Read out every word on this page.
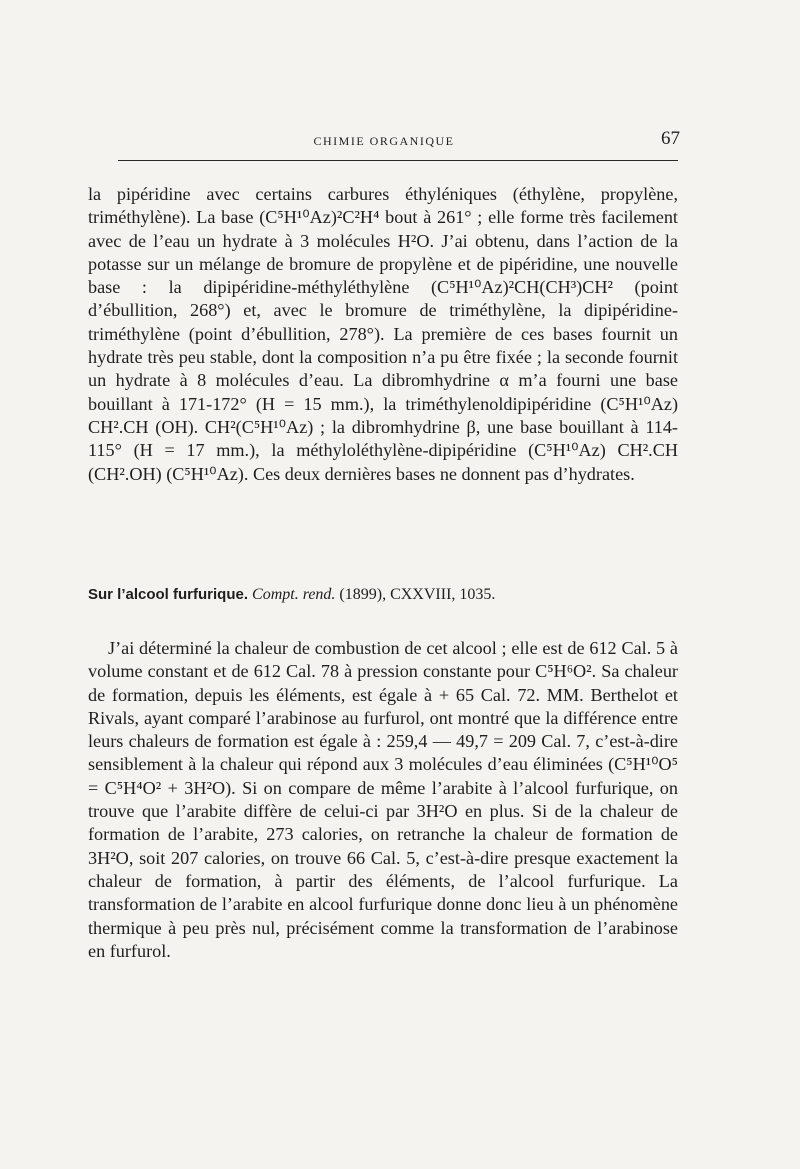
CHIMIE ORGANIQUE	67

la pipéridine avec certains carbures éthyléniques (éthylène, propylène, triméthylène). La base (C⁵H¹⁰Az)²C²H⁴ bout à 261° ; elle forme très facilement avec de l’eau un hydrate à 3 molécules H²O. J’ai obtenu, dans l’action de la potasse sur un mélange de bromure de propylène et de pipéridine, une nouvelle base : la dipipéridine-méthyléthylène (C⁵H¹⁰Az)²CH(CH³)CH² (point d’ébullition, 268°) et, avec le bromure de triméthylène, la dipipéridine-triméthylène (point d’ébullition, 278°). La première de ces bases fournit un hydrate très peu stable, dont la composition n’a pu être fixée ; la seconde fournit un hydrate à 8 molécules d’eau. La dibromhydrine α m’a fourni une base bouillant à 171-172° (H = 15 mm.), la triméthylenoldipipéridine (C⁵H¹⁰Az) CH².CH (OH). CH²(C⁵H¹⁰Az) ; la dibromhydrine β, une base bouillant à 114-115° (H = 17 mm.), la méthyloléthylène-dipipéridine (C⁵H¹⁰Az) CH².CH (CH².OH) (C⁵H¹⁰Az). Ces deux dernières bases ne donnent pas d’hydrates.

Sur l’alcool furfurique. Compt. rend. (1899), CXXVIII, 1035.

J’ai déterminé la chaleur de combustion de cet alcool ; elle est de 612 Cal. 5 à volume constant et de 612 Cal. 78 à pression constante pour C⁵H⁶O². Sa chaleur de formation, depuis les éléments, est égale à + 65 Cal. 72. MM. Berthelot et Rivals, ayant comparé l’arabinose au furfurol, ont montré que la différence entre leurs chaleurs de formation est égale à : 259,4 — 49,7 = 209 Cal. 7, c’est-à-dire sensiblement à la chaleur qui répond aux 3 molécules d’eau éliminées (C⁵H¹⁰O⁵ = C⁵H⁴O² + 3H²O). Si on compare de même l’arabite à l’alcool furfurique, on trouve que l’arabite diffère de celui-ci par 3H²O en plus. Si de la chaleur de formation de l’arabite, 273 calories, on retranche la chaleur de formation de 3H²O, soit 207 calories, on trouve 66 Cal. 5, c’est-à-dire presque exactement la chaleur de formation, à partir des éléments, de l’alcool furfurique. La transformation de l’arabite en alcool furfurique donne donc lieu à un phénomène thermique à peu près nul, précisément comme la transformation de l’arabinose en furfurol.
